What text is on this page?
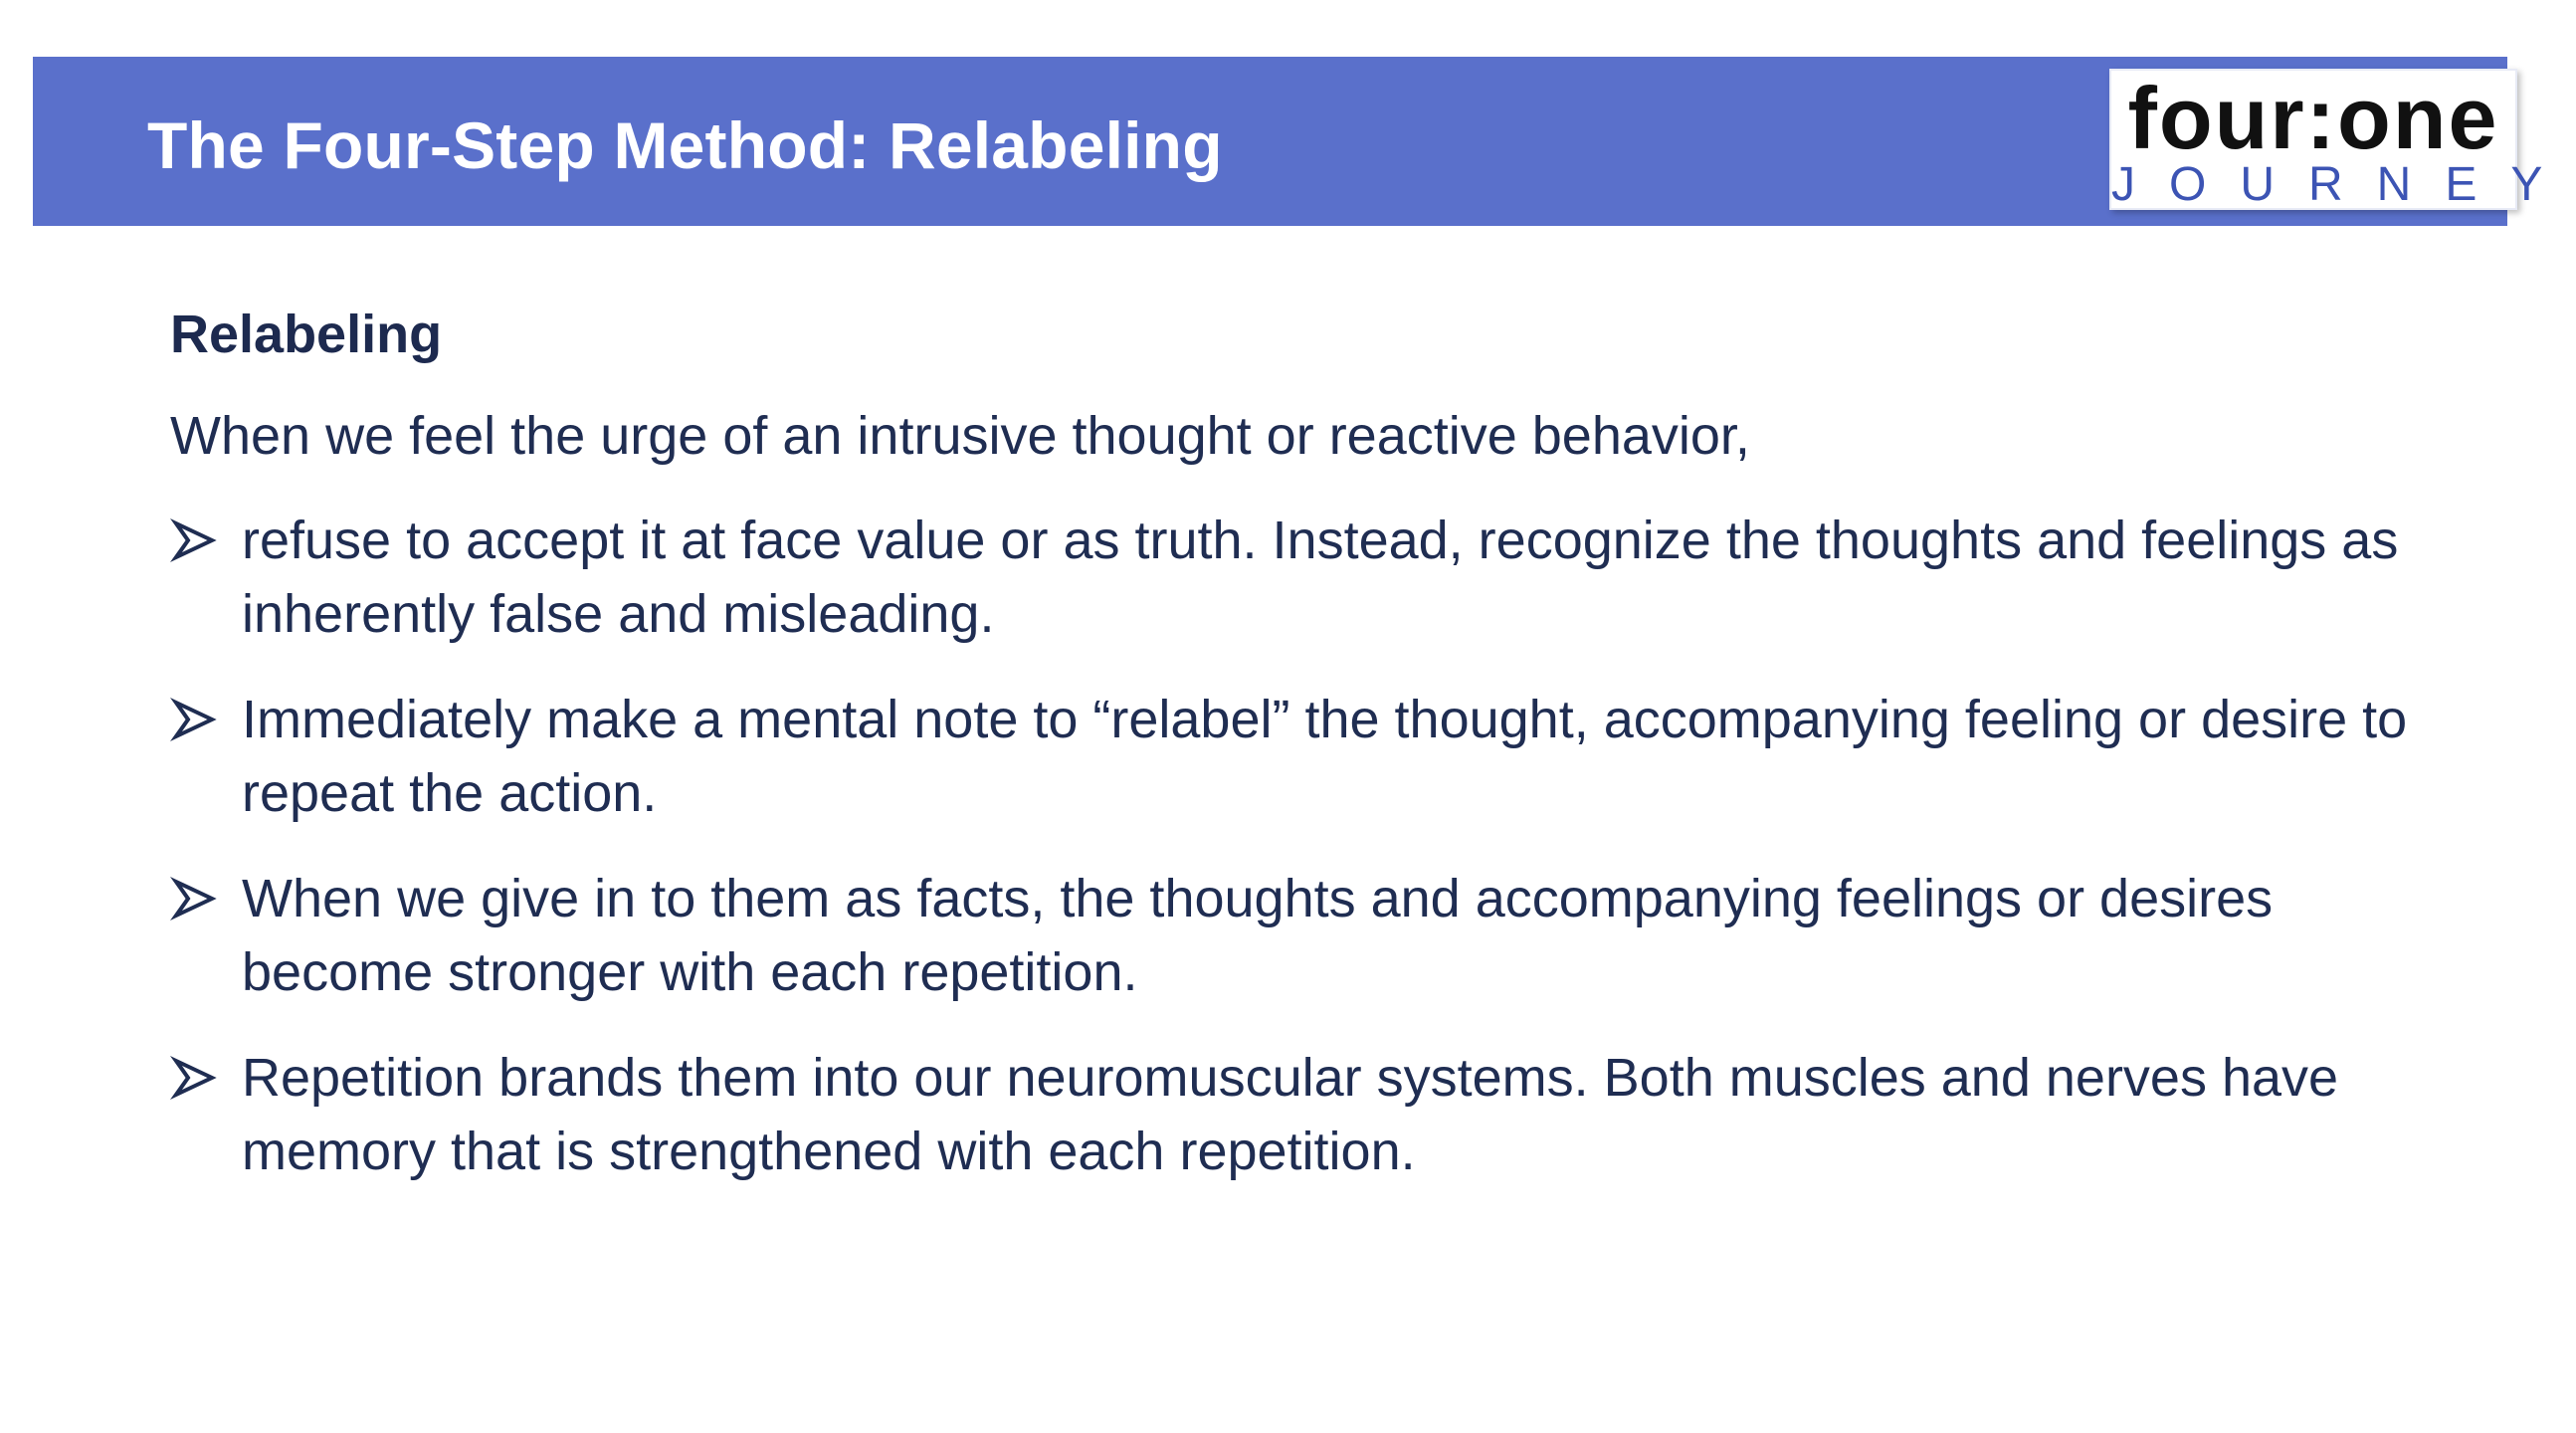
The Four-Step Method: Relabeling	four:one
JOURNEY
Relabeling
When we feel the urge of an intrusive thought or reactive behavior,
refuse to accept it at face value or as truth. Instead, recognize the thoughts and feelings as inherently false and misleading.
Immediately make a mental note to “relabel” the thought, accompanying feeling or desire to repeat the action.
When we give in to them as facts, the thoughts and accompanying feelings or desires become stronger with each repetition.
Repetition brands them into our neuromuscular systems. Both muscles and nerves have memory that is strengthened with each repetition.
